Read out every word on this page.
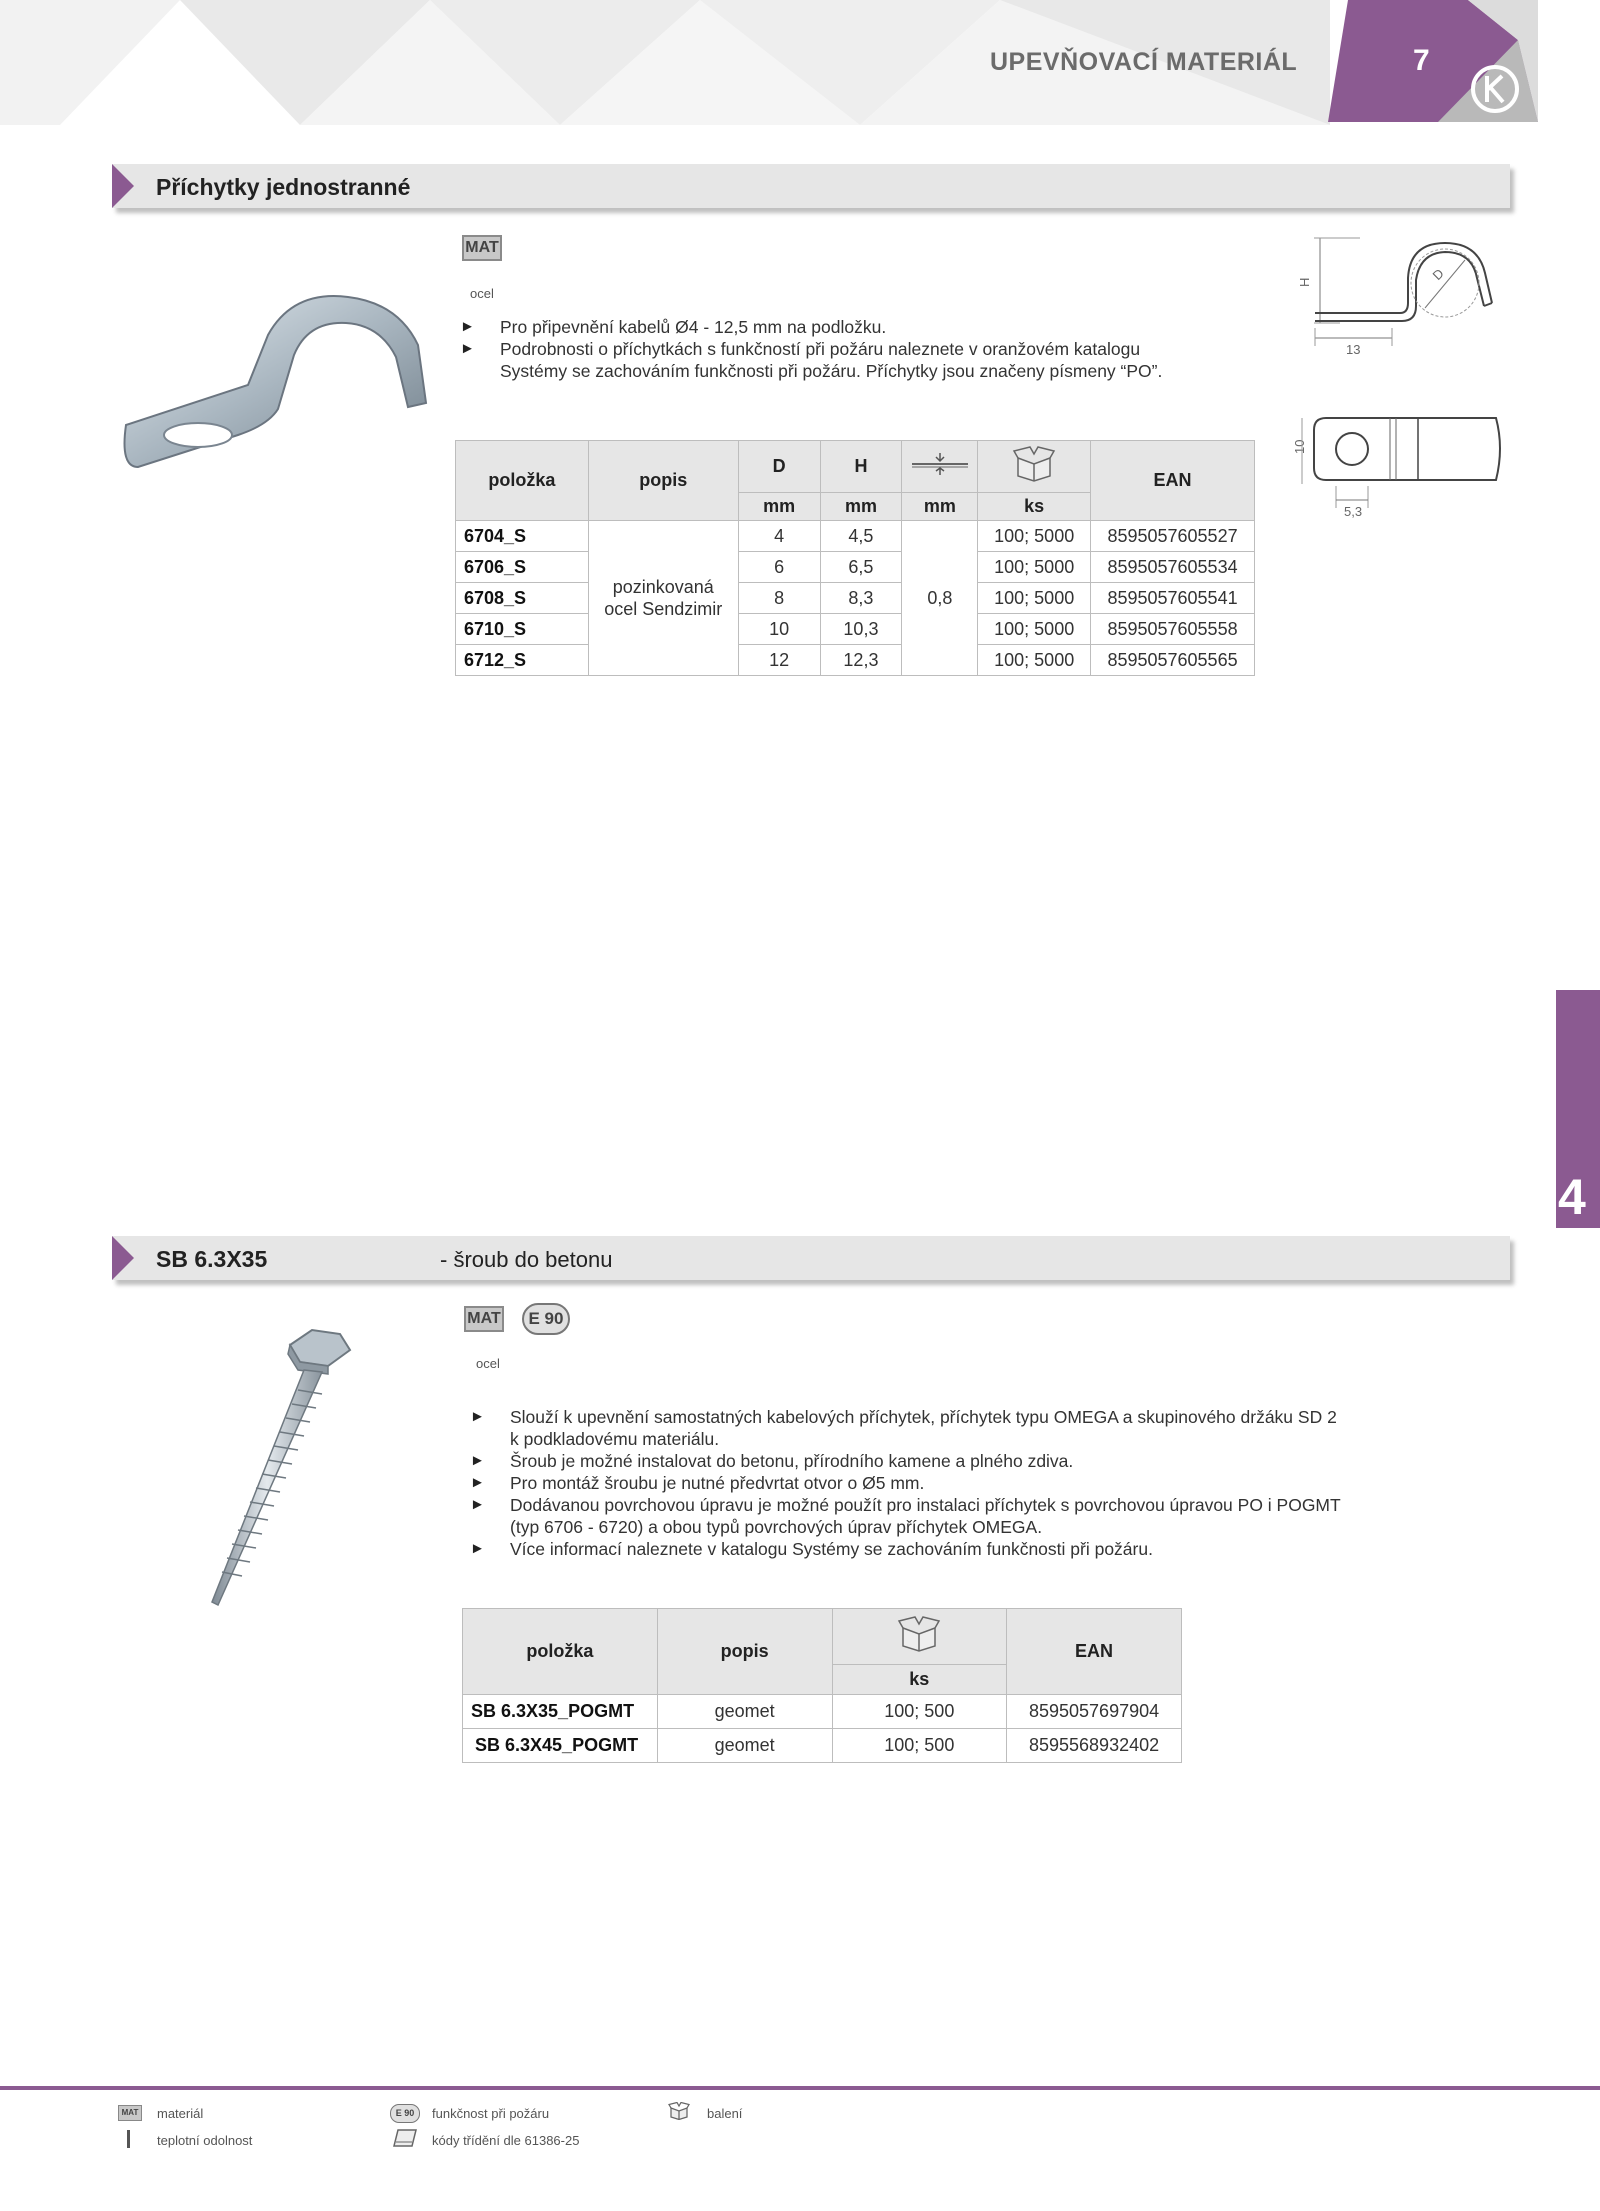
UPEVŇOVACÍ MATERIÁL	7
Příchytky jednostranné
MAT
ocel
► Pro připevnění kabelů Ø4 - 12,5 mm na podložku.
► Podrobnosti o příchytkách s funkčností při požáru naleznete v oranžovém katalogu
Systémy se zachováním funkčnosti při požáru. Příchytky jsou značeny písmeny “PO”.
H	D
13
10
5,3
položka	popis	D	H			EAN
		mm	mm	mm	ks	
6704_S	pozinkovaná ocel Sendzimir	4	4,5	0,8	100; 5000	8595057605527
6706_S		6	6,5		100; 5000	8595057605534
6708_S		8	8,3		100; 5000	8595057605541
6710_S		10	10,3		100; 5000	8595057605558
6712_S		12	12,3		100; 5000	8595057605565
4
SB 6.3X35	- šroub do betonu
MAT	E 90
ocel
► Slouží k upevnění samostatných kabelových příchytek, příchytek typu OMEGA a skupinového držáku SD 2
k podkladovému materiálu.
► Šroub je možné instalovat do betonu, přírodního kamene a plného zdiva.
► Pro montáž šroubu je nutné předvrtat otvor o Ø5 mm.
► Dodávanou povrchovou úpravu je možné použít pro instalaci příchytek s povrchovou úpravou PO i POGMT
(typ 6706 - 6720) a obou typů povrchových úprav příchytek OMEGA.
► Více informací naleznete v katalogu Systémy se zachováním funkčnosti při požáru.
položka	popis		EAN
		ks	
SB 6.3X35_POGMT	geomet	100; 500	8595057697904
SB 6.3X45_POGMT	geomet	100; 500	8595568932402
MAT materiál	E 90	funkčnost při požáru	balení
teplotní odolnost	kódy třídění dle 61386-25
